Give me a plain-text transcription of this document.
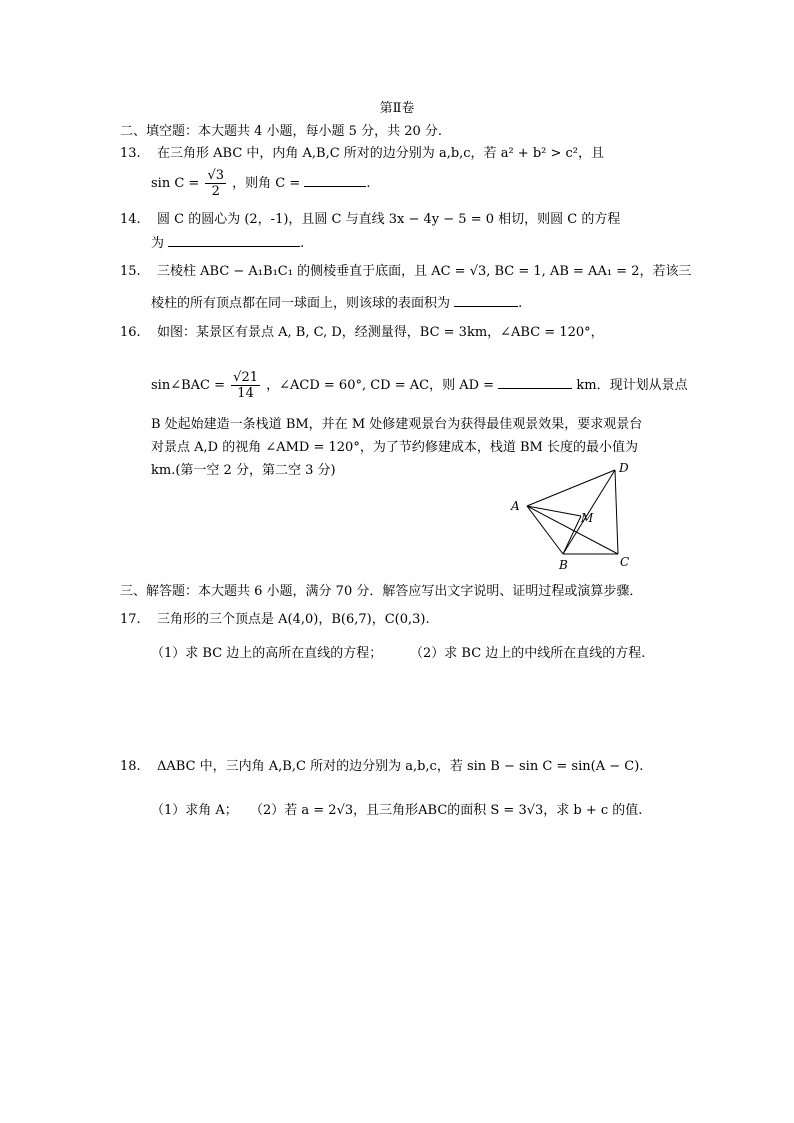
第Ⅱ卷
二、填空题：本大题共 4 小题，每小题 5 分，共 20 分.
13. 在三角形 ABC 中，内角 A,B,C 所对的边分别为 a,b,c，若 a² + b² > c²，且
$\sin C = \frac{√3}{2}$ ，则角 C =	.
14. 圆 C 的圆心为 (2，-1)，且圆 C 与直线 3x − 4y − 5 = 0 相切，则圆 C 的方程
为	.
15. 三棱柱 ABC − A₁B₁C₁ 的侧棱垂直于底面，且 AC = √3, BC = 1, AB = AA₁ = 2，若该三
棱柱的所有顶点都在同一球面上，则该球的表面积为	.
16. 如图：某景区有景点 A, B, C, D，经测量得，BC = 3km，∠ABC = 120°，
sin∠BAC = $\frac{√21}{14}$ ，∠ACD = 60°, CD = AC，则 AD =	km．现计划从景点
B 处起始建造一条栈道 BM，并在 M 处修建观景台为获得最佳观景效果，要求观景台
对景点 A,D 的视角 ∠AMD = 120°，为了节约修建成本，栈道 BM 长度的最小值为
km.(第一空 2 分，第二空 3 分)
A
B	C
D
M
三、解答题：本大题共 6 小题，满分 70 分．解答应写出文字说明、证明过程或演算步骤．
17. 三角形的三个顶点是 A(4,0)，B(6,7)，C(0,3).
（1）求 BC 边上的高所在直线的方程； （2）求 BC 边上的中线所在直线的方程.
18. ΔABC 中，三内角 A,B,C 所对的边分别为 a,b,c，若 sin B − sin C = sin(A − C).
（1）求角 A； （2）若 a = 2√3，且三角形ABC的面积 S = 3√3，求 b + c 的值.
